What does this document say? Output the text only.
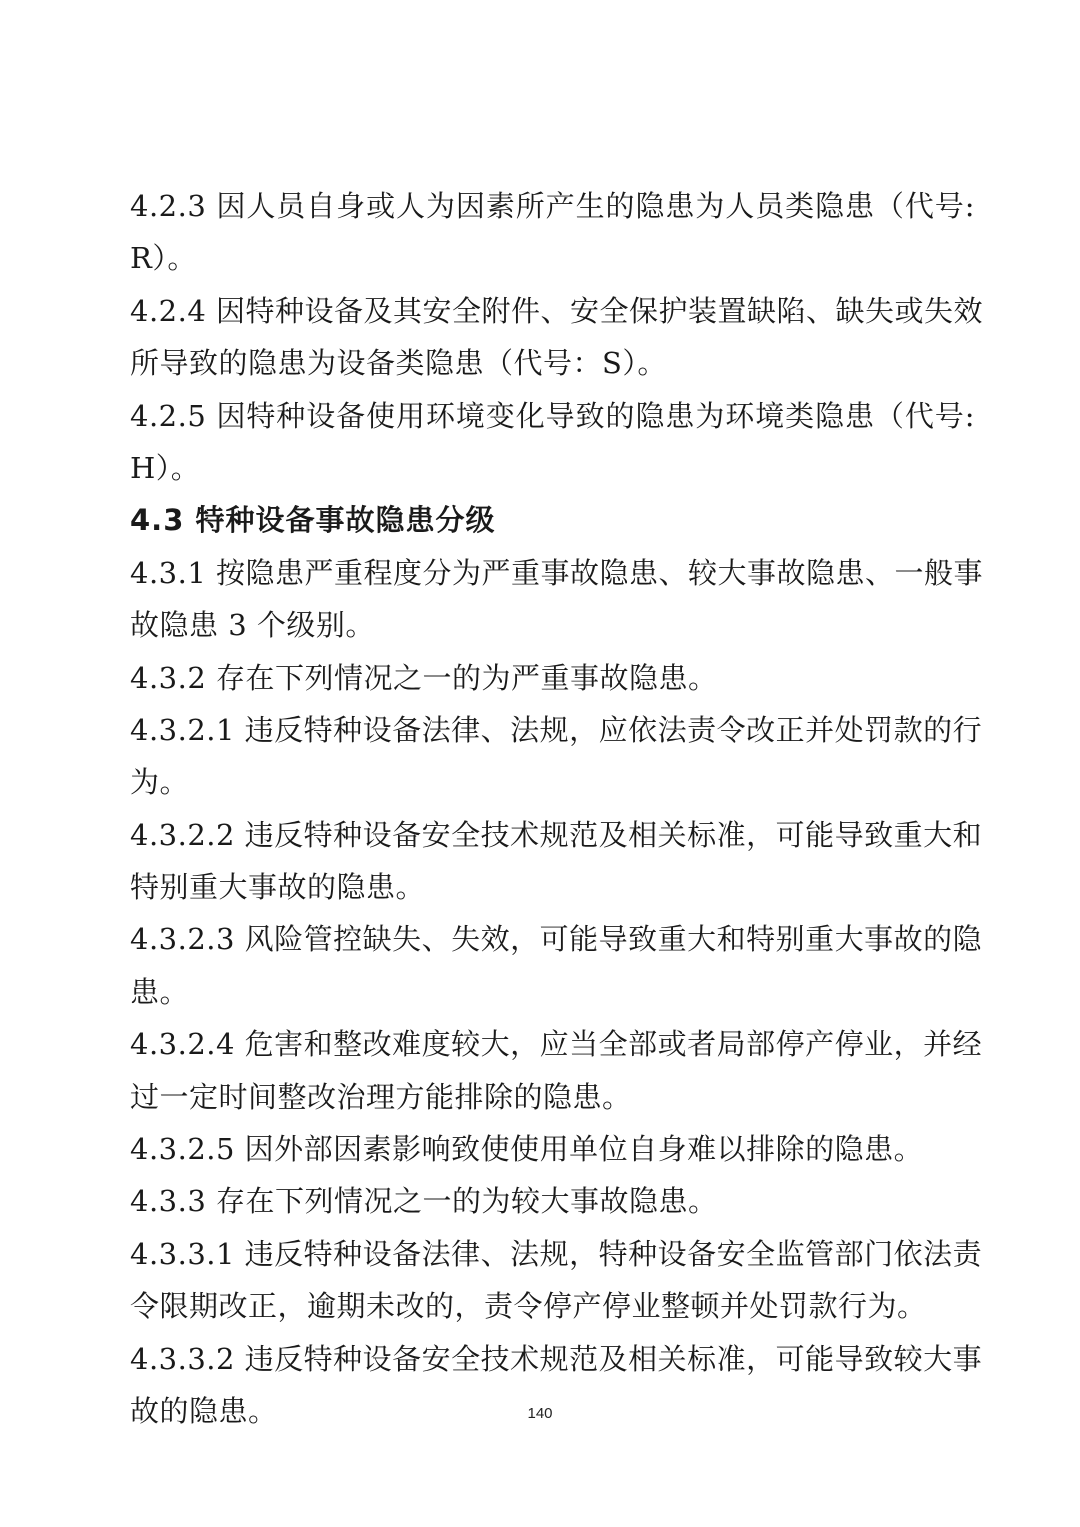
4.2.3 因人员自身或人为因素所产生的隐患为人员类隐患（代号:
R）。
4.2.4 因特种设备及其安全附件、安全保护装置缺陷、缺失或失效
所导致的隐患为设备类隐患（代号：S）。
4.2.5 因特种设备使用环境变化导致的隐患为环境类隐患（代号:
H）。
4.3 特种设备事故隐患分级
4.3.1 按隐患严重程度分为严重事故隐患、较大事故隐患、一般事
故隐患 3 个级别。
4.3.2 存在下列情况之一的为严重事故隐患。
4.3.2.1 违反特种设备法律、法规，应依法责令改正并处罚款的行
为。
4.3.2.2 违反特种设备安全技术规范及相关标准，可能导致重大和
特别重大事故的隐患。
4.3.2.3 风险管控缺失、失效，可能导致重大和特别重大事故的隐
患。
4.3.2.4 危害和整改难度较大，应当全部或者局部停产停业，并经
过一定时间整改治理方能排除的隐患。
4.3.2.5 因外部因素影响致使使用单位自身难以排除的隐患。
4.3.3 存在下列情况之一的为较大事故隐患。
4.3.3.1 违反特种设备法律、法规，特种设备安全监管部门依法责
令限期改正，逾期未改的，责令停产停业整顿并处罚款行为。
4.3.3.2 违反特种设备安全技术规范及相关标准，可能导致较大事
故的隐患。	140
